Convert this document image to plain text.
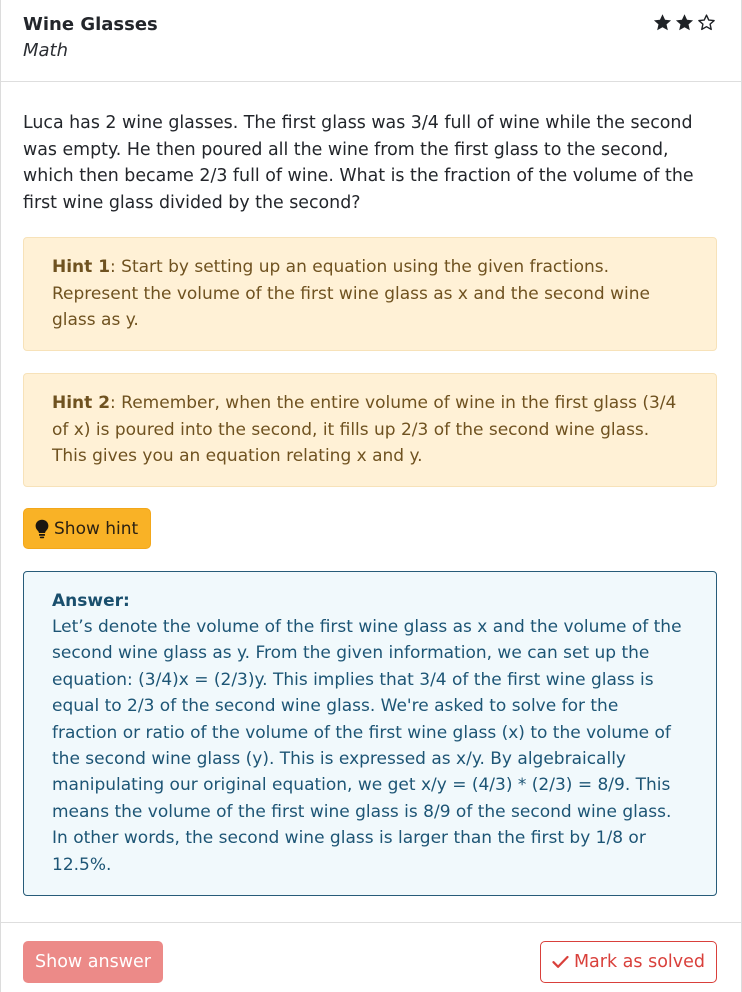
Wine Glasses
Math
Luca has 2 wine glasses. The first glass was 3/4 full of wine while the second was empty. He then poured all the wine from the first glass to the second, which then became 2/3 full of wine. What is the fraction of the volume of the first wine glass divided by the second?
Hint 1: Start by setting up an equation using the given fractions. Represent the volume of the first wine glass as x and the second wine glass as y.
Hint 2: Remember, when the entire volume of wine in the first glass (3/4 of x) is poured into the second, it fills up 2/3 of the second wine glass. This gives you an equation relating x and y.
Show hint
Answer:
Let’s denote the volume of the first wine glass as x and the volume of the second wine glass as y. From the given information, we can set up the equation: (3/4)x = (2/3)y. This implies that 3/4 of the first wine glass is equal to 2/3 of the second wine glass. We're asked to solve for the fraction or ratio of the volume of the first wine glass (x) to the volume of the second wine glass (y). This is expressed as x/y. By algebraically manipulating our original equation, we get x/y = (4/3) * (2/3) = 8/9. This means the volume of the first wine glass is 8/9 of the second wine glass. In other words, the second wine glass is larger than the first by 1/8 or 12.5%.
Show answer	Mark as solved
